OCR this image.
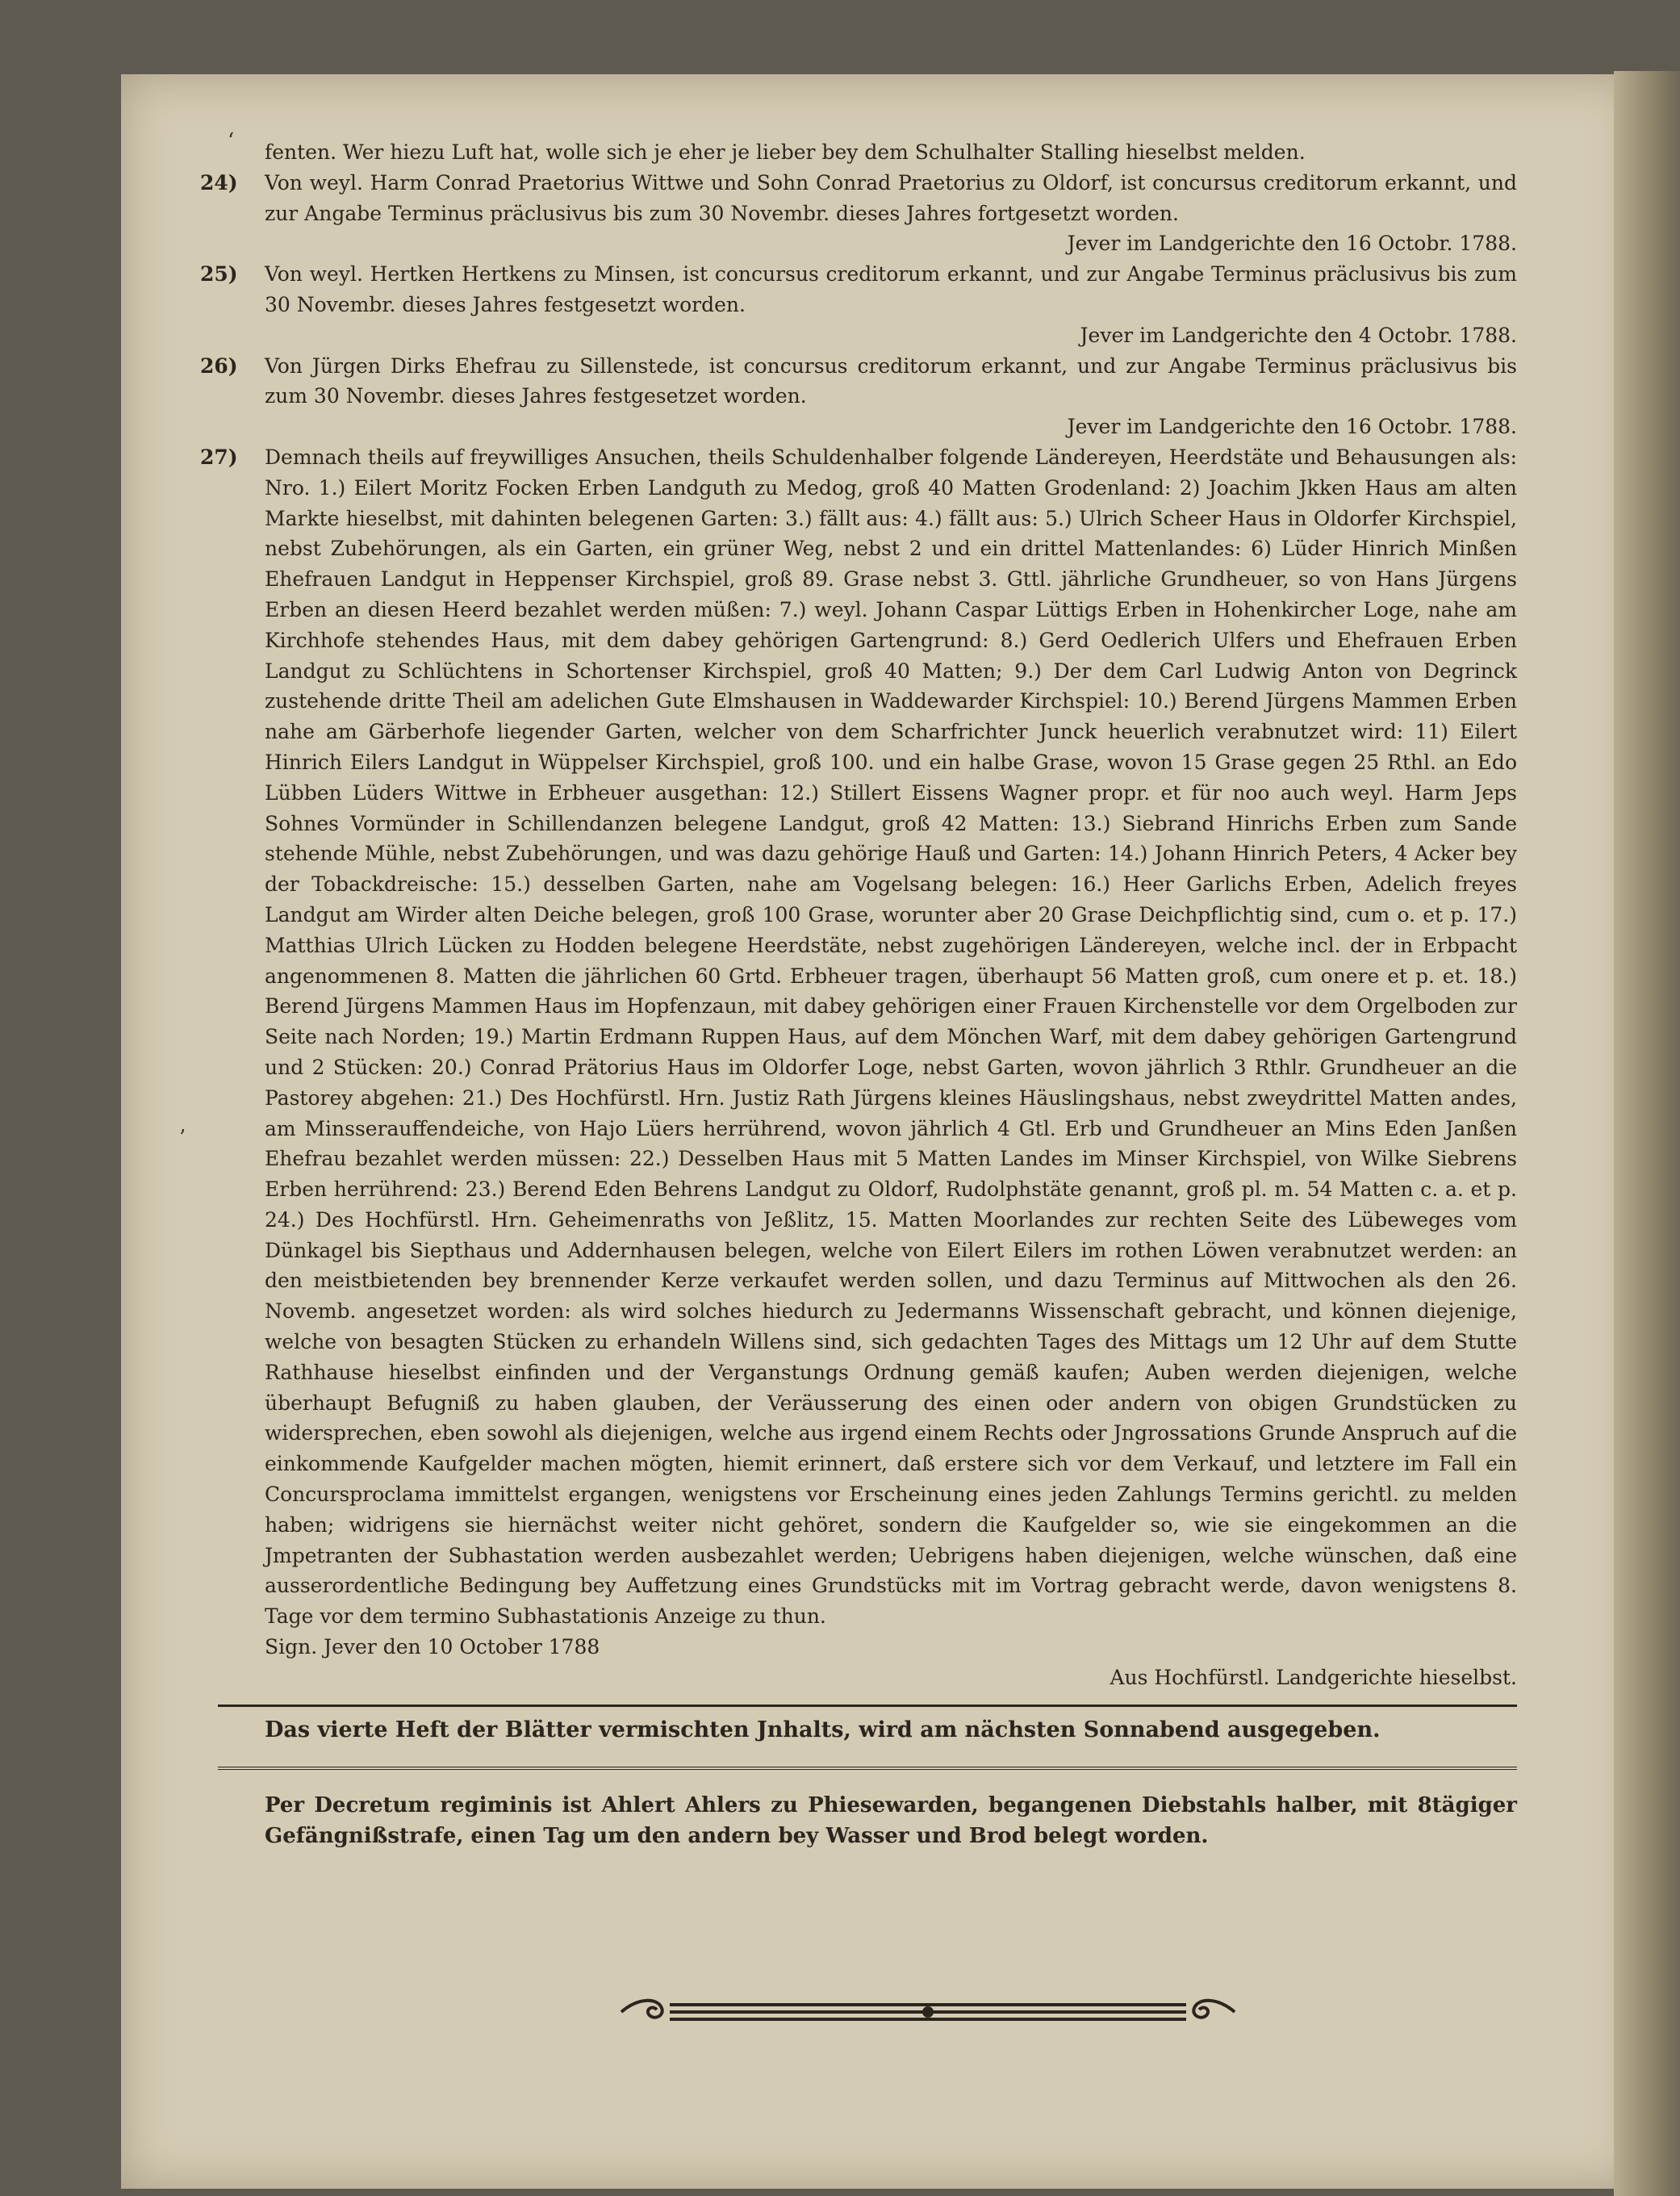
‘
’

fenten. Wer hiezu Luft hat, wolle sich je eher je lieber bey dem Schulhalter Stalling hieselbst melden.

24) Von weyl. Harm Conrad Praetorius Wittwe und Sohn Conrad Praetorius zu Oldorf, ist concursus creditorum erkannt, und zur Angabe Terminus präclusivus bis zum 30 Novembr. dieses Jahres fortgesetzt worden.

Jever im Landgerichte den 16 Octobr. 1788.

25) Von weyl. Hertken Hertkens zu Minsen, ist concursus creditorum erkannt, und zur Angabe Terminus präclusivus bis zum 30 Novembr. dieses Jahres festgesetzt worden.

Jever im Landgerichte den 4 Octobr. 1788.

26) Von Jürgen Dirks Ehefrau zu Sillenstede, ist concursus creditorum erkannt, und zur Angabe Terminus präclusivus bis zum 30 Novembr. dieses Jahres festgesetzet worden.

Jever im Landgerichte den 16 Octobr. 1788.

27) Demnach theils auf freywilliges Ansuchen, theils Schuldenhalber folgende Ländereyen, Heerdstäte und Behausungen als: Nro. 1.) Eilert Moritz Focken Erben Landguth zu Medog, groß 40 Matten Grodenland: 2) Joachim Jkken Haus am alten Markte hieselbst, mit dahinten belegenen Garten: 3.) fällt aus: 4.) fällt aus: 5.) Ulrich Scheer Haus in Oldorfer Kirchspiel, nebst Zubehörungen, als ein Garten, ein grüner Weg, nebst 2 und ein drittel Mattenlandes: 6) Lüder Hinrich Minßen Ehefrauen Landgut in Heppenser Kirchspiel, groß 89. Grase nebst 3. Gttl. jährliche Grundheuer, so von Hans Jürgens Erben an diesen Heerd bezahlet werden müßen: 7.) weyl. Johann Caspar Lüttigs Erben in Hohenkircher Loge, nahe am Kirchhofe stehendes Haus, mit dem dabey gehörigen Gartengrund: 8.) Gerd Oedlerich Ulfers und Ehefrauen Erben Landgut zu Schlüchtens in Schortenser Kirchspiel, groß 40 Matten; 9.) Der dem Carl Ludwig Anton von Degrinck zustehende dritte Theil am adelichen Gute Elmshausen in Waddewarder Kirchspiel: 10.) Berend Jürgens Mammen Erben nahe am Gärberhofe liegender Garten, welcher von dem Scharfrichter Junck heuerlich verabnutzet wird: 11) Eilert Hinrich Eilers Landgut in Wüppelser Kirchspiel, groß 100. und ein halbe Grase, wovon 15 Grase gegen 25 Rthl. an Edo Lübben Lüders Wittwe in Erbheuer ausgethan: 12.) Stillert Eissens Wagner propr. et für noo auch weyl. Harm Jeps Sohnes Vormünder in Schillendanzen belegene Landgut, groß 42 Matten: 13.) Siebrand Hinrichs Erben zum Sande stehende Mühle, nebst Zubehörungen, und was dazu gehörige Hauß und Garten: 14.) Johann Hinrich Peters, 4 Acker bey der Tobackdreische: 15.) desselben Garten, nahe am Vogelsang belegen: 16.) Heer Garlichs Erben, Adelich freyes Landgut am Wirder alten Deiche belegen, groß 100 Grase, worunter aber 20 Grase Deichpflichtig sind, cum o. et p. 17.) Matthias Ulrich Lücken zu Hodden belegene Heerdstäte, nebst zugehörigen Ländereyen, welche incl. der in Erbpacht angenommenen 8. Matten die jährlichen 60 Grtd. Erbheuer tragen, überhaupt 56 Matten groß, cum onere et p. et. 18.) Berend Jürgens Mammen Haus im Hopfenzaun, mit dabey gehörigen einer Frauen Kirchenstelle vor dem Orgelboden zur Seite nach Norden; 19.) Martin Erdmann Ruppen Haus, auf dem Mönchen Warf, mit dem dabey gehörigen Gartengrund und 2 Stücken: 20.) Conrad Prätorius Haus im Oldorfer Loge, nebst Garten, wovon jährlich 3 Rthlr. Grundheuer an die Pastorey abgehen: 21.) Des Hochfürstl. Hrn. Justiz Rath Jürgens kleines Häuslingshaus, nebst zweydrittel Matten andes, am Minsserauffendeiche, von Hajo Lüers herrührend, wovon jährlich 4 Gtl. Erb und Grundheuer an Mins Eden Janßen Ehefrau bezahlet werden müssen: 22.) Desselben Haus mit 5 Matten Landes im Minser Kirchspiel, von Wilke Siebrens Erben herrührend: 23.) Berend Eden Behrens Landgut zu Oldorf, Rudolphstäte genannt, groß pl. m. 54 Matten c. a. et p. 24.) Des Hochfürstl. Hrn. Geheimenraths von Jeßlitz, 15. Matten Moorlandes zur rechten Seite des Lübeweges vom Dünkagel bis Siepthaus und Addernhausen belegen, welche von Eilert Eilers im rothen Löwen verabnutzet werden: an den meistbietenden bey brennender Kerze verkaufet werden sollen, und dazu Terminus auf Mittwochen als den 26. Novemb. angesetzet worden: als wird solches hiedurch zu Jedermanns Wissenschaft gebracht, und können diejenige, welche von besagten Stücken zu erhandeln Willens sind, sich gedachten Tages des Mittags um 12 Uhr auf dem Stutte Rathhause hieselbst einfinden und der Verganstungs Ordnung gemäß kaufen; Auben werden diejenigen, welche überhaupt Befugniß zu haben glauben, der Veräusserung des einen oder andern von obigen Grundstücken zu widersprechen, eben sowohl als diejenigen, welche aus irgend einem Rechts oder Jngrossations Grunde Anspruch auf die einkommende Kaufgelder machen mögten, hiemit erinnert, daß erstere sich vor dem Verkauf, und letztere im Fall ein Concursproclama immittelst ergangen, wenigstens vor Erscheinung eines jeden Zahlungs Termins gerichtl. zu melden haben; widrigens sie hiernächst weiter nicht gehöret, sondern die Kaufgelder so, wie sie eingekommen an die Jmpetranten der Subhastation werden ausbezahlet werden; Uebrigens haben diejenigen, welche wünschen, daß eine ausserordentliche Bedingung bey Auffetzung eines Grundstücks mit im Vortrag gebracht werde, davon wenigstens 8. Tage vor dem termino Subhastationis Anzeige zu thun.

Sign. Jever den 10 October 1788

Aus Hochfürstl. Landgerichte hieselbst.

Das vierte Heft der Blätter vermischten Jnhalts, wird am nächsten Sonnabend ausgegeben.

Per Decretum regiminis ist Ahlert Ahlers zu Phiesewarden, begangenen Diebstahls halber, mit 8tägiger Gefängnißstrafe, einen Tag um den andern bey Wasser und Brod belegt worden.
